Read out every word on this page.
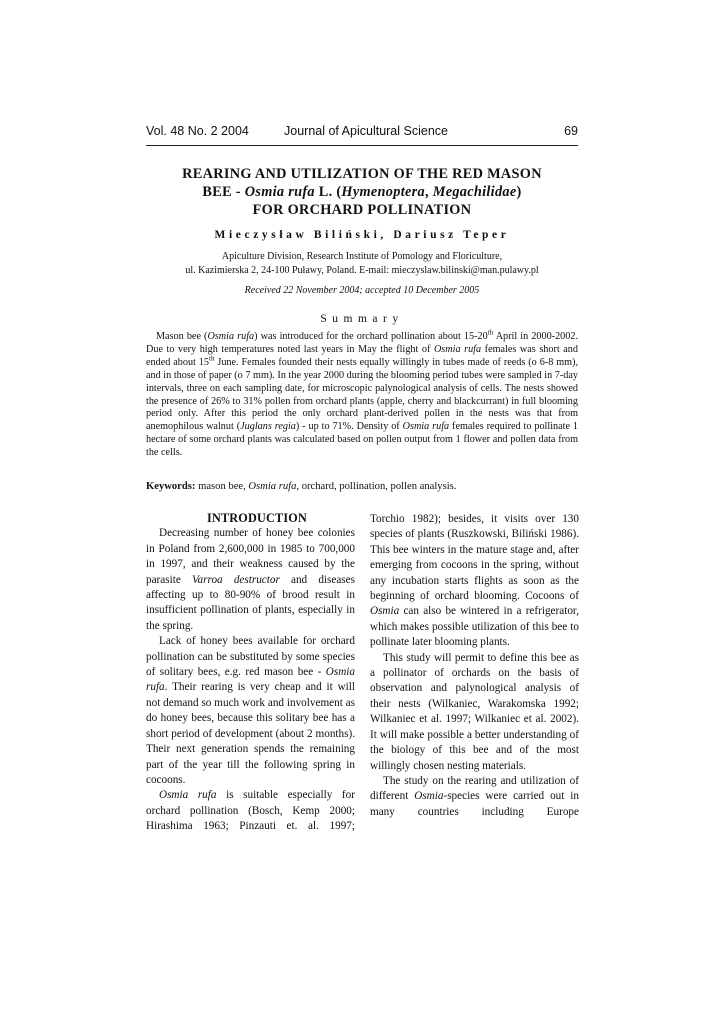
Vol. 48 No. 2 2004	Journal of Apicultural Science	69
REARING AND UTILIZATION OF THE RED MASON
BEE - Osmia rufa L. (Hymenoptera, Megachilidae)
FOR ORCHARD POLLINATION
Mieczysław Biliński, Dariusz Teper
Apiculture Division, Research Institute of Pomology and Floriculture,
ul. Kazimierska 2, 24-100 Puławy, Poland. E-mail: mieczyslaw.bilinski@man.pulawy.pl
Received 22 November 2004; accepted 10 December 2005
Summary
Mason bee (Osmia rufa) was introduced for the orchard pollination about 15-20th April in 2000-2002. Due to very high temperatures noted last years in May the flight of Osmia rufa females was short and ended about 15th June. Females founded their nests equally willingly in tubes made of reeds (o 6-8 mm), and in those of paper (o 7 mm). In the year 2000 during the blooming period tubes were sampled in 7-day intervals, three on each sampling date, for microscopic palynological analysis of cells. The nests showed the presence of 26% to 31% pollen from orchard plants (apple, cherry and blackcurrant) in full blooming period only. After this period the only orchard plant-derived pollen in the nests was that from anemophilous walnut (Juglans regia) - up to 71%. Density of Osmia rufa females required to pollinate 1 hectare of some orchard plants was calculated based on pollen output from 1 flower and pollen data from the cells.
Keywords: mason bee, Osmia rufa, orchard, pollination, pollen analysis.

INTRODUCTION

Decreasing number of honey bee colonies in Poland from 2,600,000 in 1985 to 700,000 in 1997, and their weakness caused by the parasite Varroa destructor and diseases affecting up to 80-90% of brood result in insufficient pollination of plants, especially in the spring.

Lack of honey bees available for orchard pollination can be substituted by some species of solitary bees, e.g. red mason bee - Osmia rufa. Their rearing is very cheap and it will not demand so much work and involvement as do honey bees, because this solitary bee has a short period of development (about 2 months). Their next generation spends the remaining part of the year till the following spring in cocoons.

Osmia rufa is suitable especially for orchard pollination (Bosch, Kemp 2000; Hirashima 1963; Pinzauti et. al. 1997;

Torchio 1982); besides, it visits over 130 species of plants (Ruszkowski, Biliński 1986). This bee winters in the mature stage and, after emerging from cocoons in the spring, without any incubation starts flights as soon as the beginning of orchard blooming. Cocoons of Osmia can also be wintered in a refrigerator, which makes possible utilization of this bee to pollinate later blooming plants.

This study will permit to define this bee as a pollinator of orchards on the basis of observation and palynological analysis of their nests (Wilkaniec, Warakomska 1992; Wilkaniec et al. 1997; Wilkaniec et al. 2002). It will make possible a better understanding of the biology of this bee and of the most willingly chosen nesting materials.

The study on the rearing and utilization of different Osmia-species were carried out in many countries including Europe
